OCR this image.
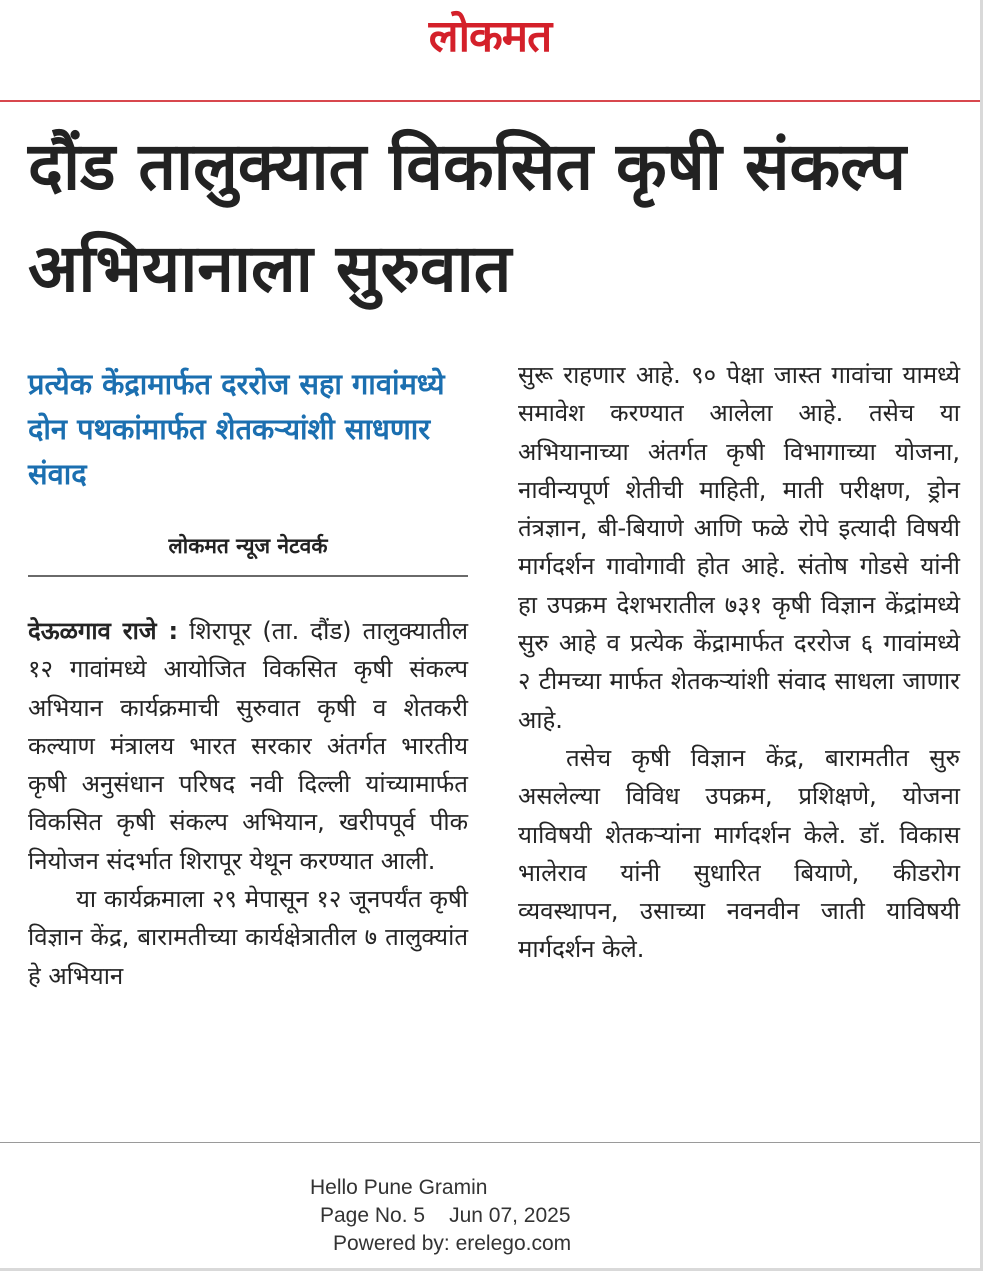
लोकमत
दौंड तालुक्यात विकसित कृषी संकल्प अभियानाला सुरुवात
प्रत्येक केंद्रामार्फत दररोज सहा गावांमध्ये दोन पथकांमार्फत शेतकऱ्यांशी साधणार संवाद
लोकमत न्यूज नेटवर्क

देऊळगाव राजे : शिरापूर (ता. दौंड) तालुक्यातील १२ गावांमध्ये आयोजित विकसित कृषी संकल्प अभियान कार्यक्रमाची सुरुवात कृषी व शेतकरी कल्याण मंत्रालय भारत सरकार अंतर्गत भारतीय कृषी अनुसंधान परिषद नवी दिल्ली यांच्यामार्फत विकसित कृषी संकल्प अभियान, खरीपपूर्व पीक नियोजन संदर्भात शिरापूर येथून करण्यात आली.

या कार्यक्रमाला २९ मेपासून १२ जूनपर्यंत कृषी विज्ञान केंद्र, बारामतीच्या कार्यक्षेत्रातील ७ तालुक्यांत हे अभियान

सुरू राहणार आहे. ९० पेक्षा जास्त गावांचा यामध्ये समावेश करण्यात आलेला आहे. तसेच या अभियानाच्या अंतर्गत कृषी विभागाच्या योजना, नावीन्यपूर्ण शेतीची माहिती, माती परीक्षण, ड्रोन तंत्रज्ञान, बी-बियाणे आणि फळे रोपे इत्यादी विषयी मार्गदर्शन गावोगावी होत आहे. संतोष गोडसे यांनी हा उपक्रम देशभरातील ७३१ कृषी विज्ञान केंद्रांमध्ये सुरु आहे व प्रत्येक केंद्रामार्फत दररोज ६ गावांमध्ये २ टीमच्या मार्फत शेतकऱ्यांशी संवाद साधला जाणार आहे.

तसेच कृषी विज्ञान केंद्र, बारामतीत सुरु असलेल्या विविध उपक्रम, प्रशिक्षणे, योजना याविषयी शेतकऱ्यांना मार्गदर्शन केले. डॉ. विकास भालेराव यांनी सुधारित बियाणे, कीडरोग व्यवस्थापन, उसाच्या नवनवीन जाती याविषयी मार्गदर्शन केले.

Hello Pune Gramin
Page No. 5 Jun 07, 2025
Powered by: erelego.com
